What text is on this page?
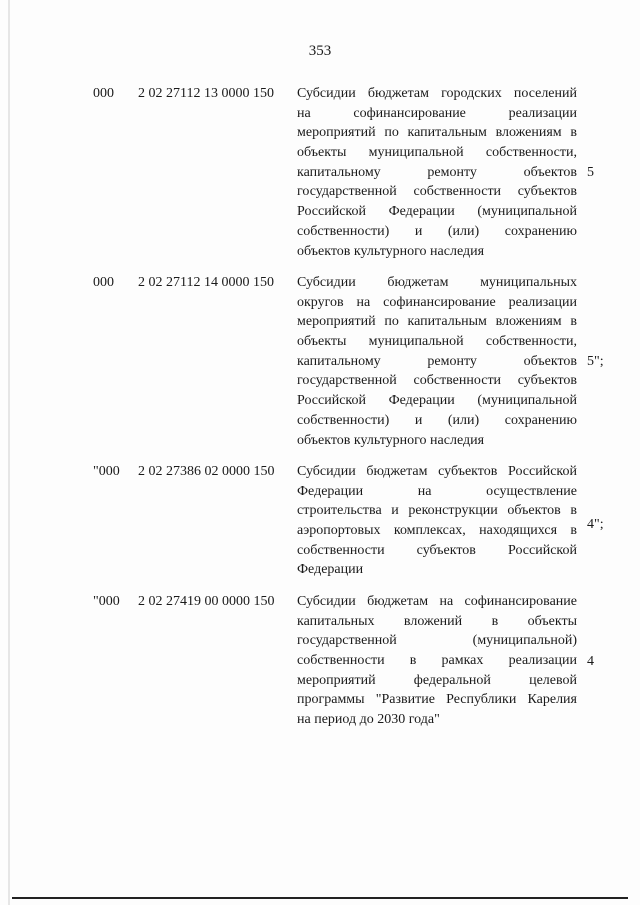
353
000 2 02 27112 13 0000 150 Субсидии бюджетам городских поселений
на софинансирование реализации
мероприятий по капитальным вложениям в
объекты муниципальной собственности,
капитальному ремонту объектов
государственной собственности субъектов
Российской Федерации (муниципальной
собственности) и (или) сохранению
объектов культурного наследия
5
000 2 02 27112 14 0000 150 Субсидии бюджетам муниципальных
округов на софинансирование реализации
мероприятий по капитальным вложениям в
объекты муниципальной собственности,
капитальному ремонту объектов
государственной собственности субъектов
Российской Федерации (муниципальной
собственности) и (или) сохранению
объектов культурного наследия
5";
"000 2 02 27386 02 0000 150 Субсидии бюджетам субъектов Российской
Федерации на осуществление
строительства и реконструкции объектов в
аэропортовых комплексах, находящихся в
собственности субъектов Российской
Федерации
4";
"000 2 02 27419 00 0000 150 Субсидии бюджетам на софинансирование
капитальных вложений в объекты
государственной (муниципальной)
собственности в рамках реализации
мероприятий федеральной целевой
программы "Развитие Республики Карелия
на период до 2030 года"
4
